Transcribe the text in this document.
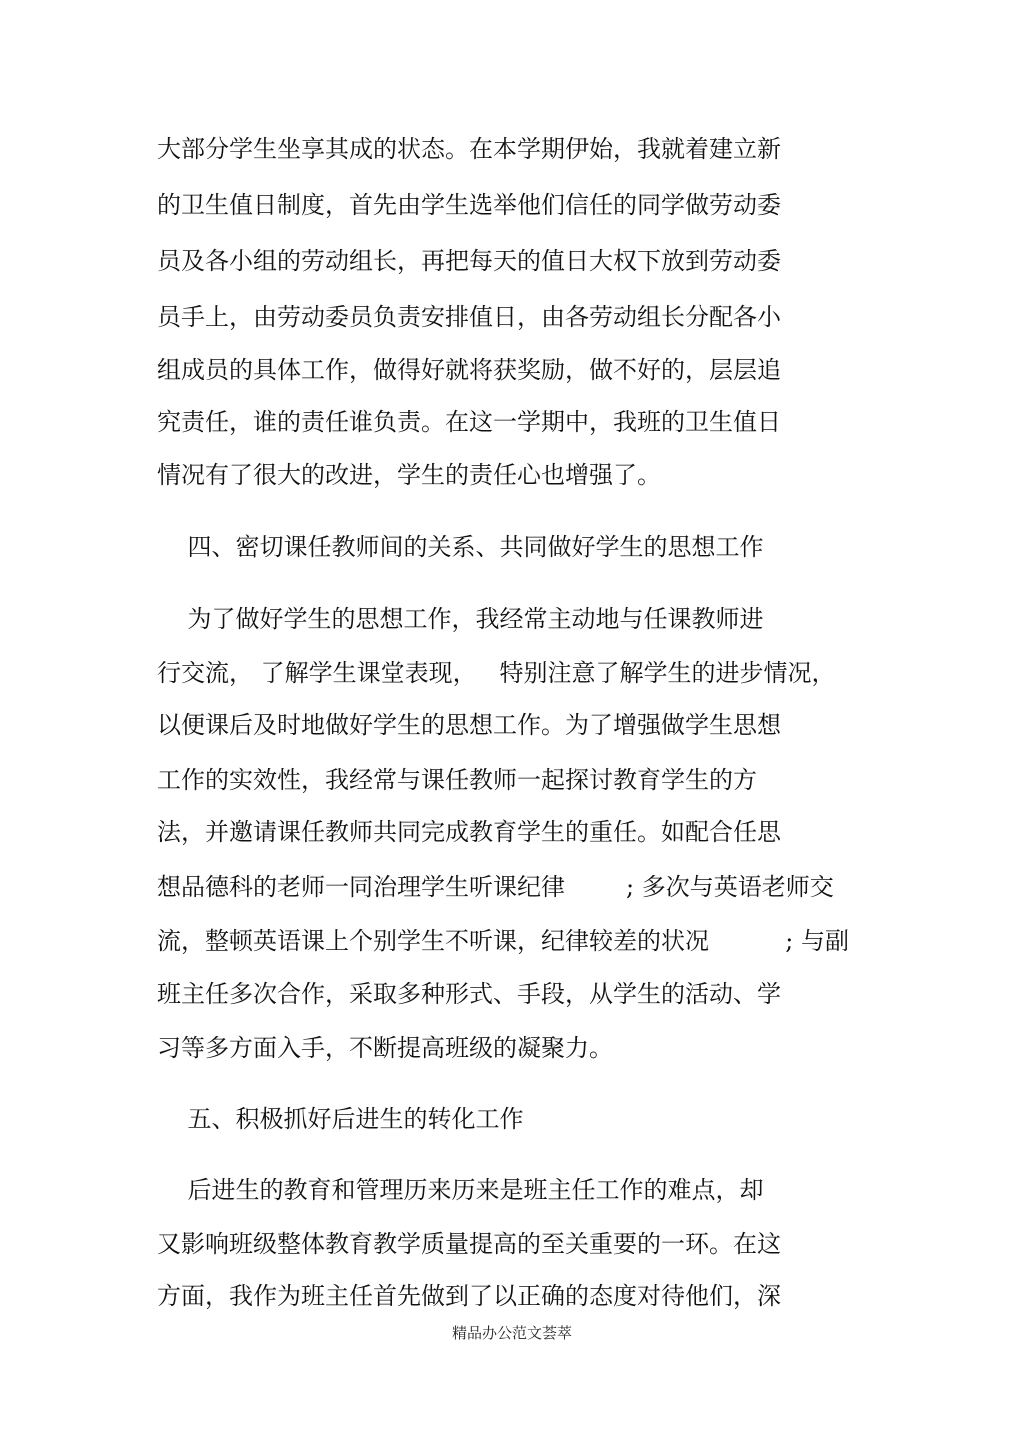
大部分学生坐享其成的状态。在本学期伊始，我就着建立新
的卫生值日制度，首先由学生选举他们信任的同学做劳动委
员及各小组的劳动组长，再把每天的值日大权下放到劳动委
员手上，由劳动委员负责安排值日，由各劳动组长分配各小
组成员的具体工作，做得好就将获奖励，做不好的，层层追
究责任，谁的责任谁负责。在这一学期中，我班的卫生值日
情况有了很大的改进，学生的责任心也增强了。
四、密切课任教师间的关系、共同做好学生的思想工作
为了做好学生的思想工作，我经常主动地与任课教师进
行交流， 了解学生课堂表现，   特别注意了解学生的进步情况，
以便课后及时地做好学生的思想工作。为了增强做学生思想
工作的实效性，我经常与课任教师一起探讨教育学生的方
法，并邀请课任教师共同完成教育学生的重任。如配合任思
想品德科的老师一同治理学生听课纪律        ; 多次与英语老师交
流，整顿英语课上个别学生不听课，纪律较差的状况          ; 与副
班主任多次合作，采取多种形式、手段，从学生的活动、学
习等多方面入手，不断提高班级的凝聚力。
五、积极抓好后进生的转化工作
后进生的教育和管理历来历来是班主任工作的难点，却
又影响班级整体教育教学质量提高的至关重要的一环。在这
方面，我作为班主任首先做到了以正确的态度对待他们，深
精品办公范文荟萃
